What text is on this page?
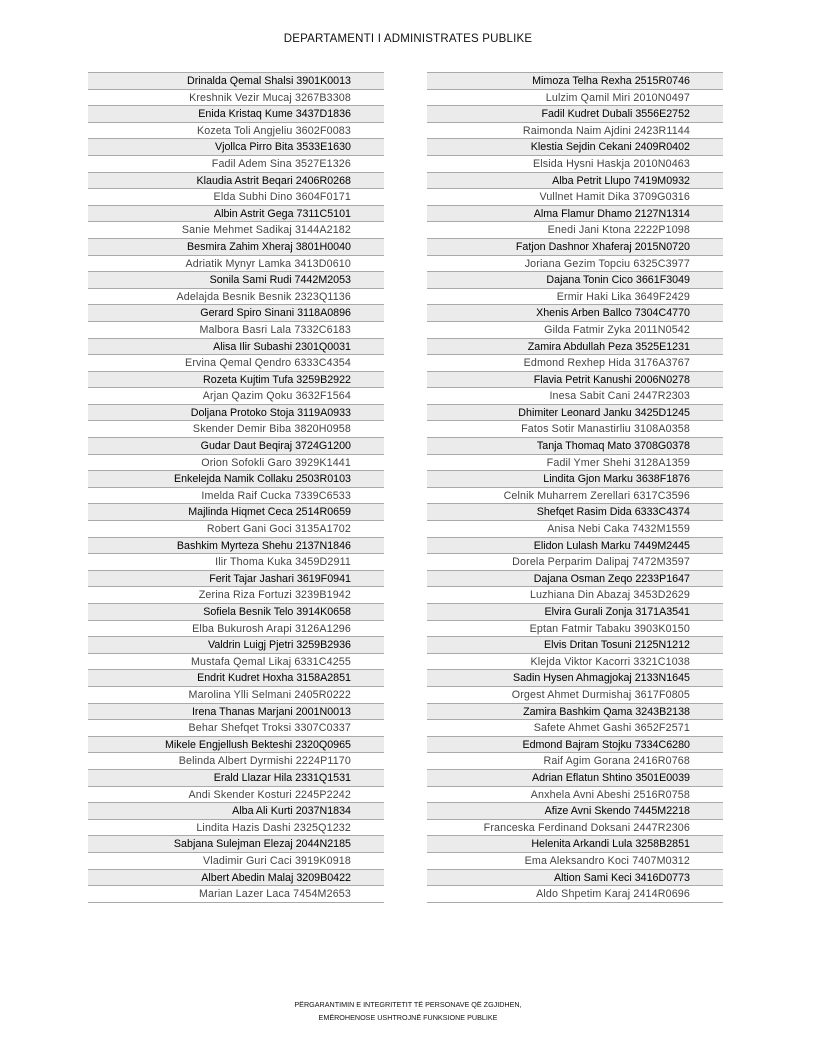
DEPARTAMENTI I ADMINISTRATES PUBLIKE
Drinalda Qemal Shalsi 3901K0013
Kreshnik Vezir Mucaj 3267B3308
Enida Kristaq Kume 3437D1836
Kozeta Toli Angjeliu 3602F0083
Vjollca Pirro Bita 3533E1630
Fadil Adem Sina 3527E1326
Klaudia Astrit Beqari 2406R0268
Elda Subhi Dino 3604F0171
Albin Astrit Gega 7311C5101
Sanie Mehmet Sadikaj 3144A2182
Besmira Zahim Xheraj 3801H0040
Adriatik Mynyr Lamka 3413D0610
Sonila Sami Rudi 7442M2053
Adelajda Besnik Besnik 2323Q1136
Gerard Spiro Sinani 3118A0896
Malbora Basri Lala 7332C6183
Alisa Ilir Subashi 2301Q0031
Ervina Qemal Qendro 6333C4354
Rozeta Kujtim Tufa 3259B2922
Arjan Qazim Qoku 3632F1564
Doljana Protoko Stoja 3119A0933
Skender Demir Biba 3820H0958
Gudar Daut Beqiraj 3724G1200
Orion Sofokli Garo 3929K1441
Enkelejda Namik Collaku 2503R0103
Imelda Raif Cucka 7339C6533
Majlinda Hiqmet Ceca 2514R0659
Robert Gani Goci 3135A1702
Bashkim Myrteza Shehu 2137N1846
Ilir Thoma Kuka 3459D2911
Ferit Tajar Jashari 3619F0941
Zerina Riza Fortuzi 3239B1942
Sofiela Besnik Telo 3914K0658
Elba Bukurosh Arapi 3126A1296
Valdrin Luigj Pjetri 3259B2936
Mustafa Qemal Likaj 6331C4255
Endrit Kudret Hoxha 3158A2851
Marolina Ylli Selmani 2405R0222
Irena Thanas Marjani 2001N0013
Behar Shefqet Troksi 3307C0337
Mikele Engjellush Bekteshi 2320Q0965
Belinda Albert Dyrmishi 2224P1170
Erald Llazar Hila 2331Q1531
Andi Skender Kosturi 2245P2242
Alba Ali Kurti 2037N1834
Lindita Hazis Dashi 2325Q1232
Sabjana Sulejman Elezaj 2044N2185
Vladimir Guri Caci 3919K0918
Albert Abedin Malaj 3209B0422
Marian Lazer Laca 7454M2653
Mimoza Telha Rexha 2515R0746
Lulzim Qamil Miri 2010N0497
Fadil Kudret Dubali 3556E2752
Raimonda Naim Ajdini 2423R1144
Klestia Sejdin Cekani 2409R0402
Elsida Hysni Haskja 2010N0463
Alba Petrit Llupo 7419M0932
Vullnet Hamit Dika 3709G0316
Alma Flamur Dhamo 2127N1314
Enedi Jani Ktona 2222P1098
Fatjon Dashnor Xhaferaj 2015N0720
Joriana Gezim Topciu 6325C3977
Dajana Tonin Cico 3661F3049
Ermir Haki Lika 3649F2429
Xhenis Arben Ballco 7304C4770
Gilda Fatmir Zyka 2011N0542
Zamira Abdullah Peza 3525E1231
Edmond Rexhep Hida 3176A3767
Flavia Petrit Kanushi 2006N0278
Inesa Sabit Cani 2447R2303
Dhimiter Leonard Janku 3425D1245
Fatos Sotir Manastirliu 3108A0358
Tanja Thomaq Mato 3708G0378
Fadil Ymer Shehi 3128A1359
Lindita Gjon Marku 3638F1876
Celnik Muharrem Zerellari 6317C3596
Shefqet Rasim Dida 6333C4374
Anisa Nebi Caka 7432M1559
Elidon Lulash Marku 7449M2445
Dorela Perparim Dalipaj 7472M3597
Dajana Osman Zeqo 2233P1647
Luzhiana Din Abazaj 3453D2629
Elvira Gurali Zonja 3171A3541
Eptan Fatmir Tabaku 3903K0150
Elvis Dritan Tosuni 2125N1212
Klejda Viktor Kacorri 3321C1038
Sadin Hysen Ahmagjokaj 2133N1645
Orgest Ahmet Durmishaj 3617F0805
Zamira Bashkim Qama 3243B2138
Safete Ahmet Gashi 3652F2571
Edmond Bajram Stojku 7334C6280
Raif Agim Gorana 2416R0768
Adrian Eflatun Shtino 3501E0039
Anxhela Avni Abeshi 2516R0758
Afize Avni Skendo 7445M2218
Franceska Ferdinand Doksani 2447R2306
Helenita Arkandi Lula 3258B2851
Ema Aleksandro Koci 7407M0312
Altion Sami Keci 3416D0773
Aldo Shpetim Karaj 2414R0696
PËRGARANTIMIN E INTEGRITETIT TË PERSONAVE QË ZGJIDHEN,
EMËROHENOSE USHTROJNË FUNKSIONE PUBLIKE
